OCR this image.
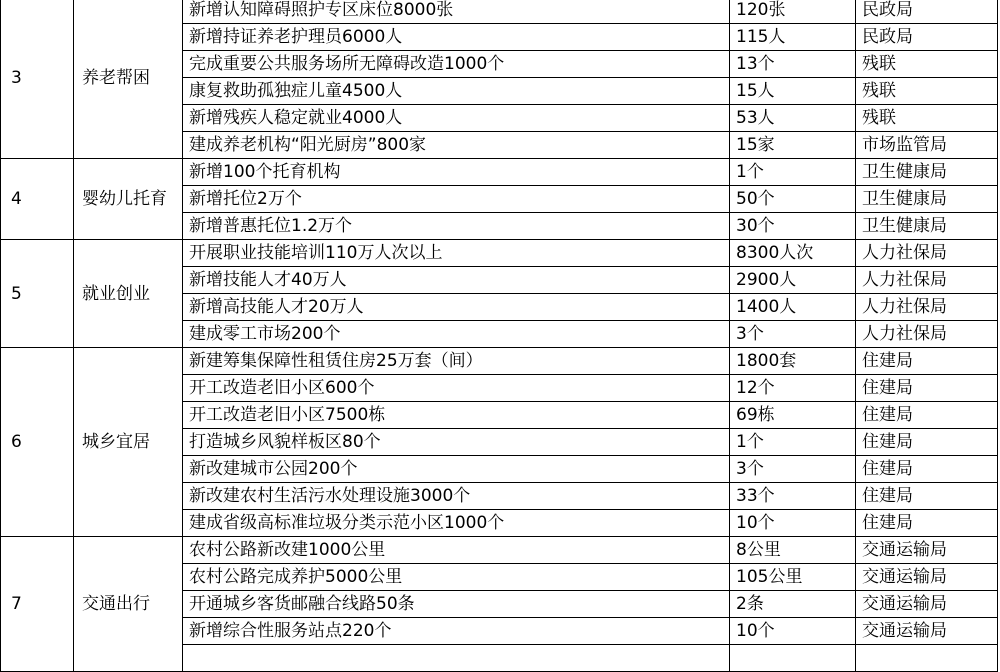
3	养老帮困	新增认知障碍照护专区床位8000张	120张	民政局
		新增持证养老护理员6000人	115人	民政局
		完成重要公共服务场所无障碍改造1000个	13个	残联
		康复救助孤独症儿童4500人	15人	残联
		新增残疾人稳定就业4000人	53人	残联
		建成养老机构“阳光厨房”800家	15家	市场监管局
4	婴幼儿托育	新增100个托育机构	1个	卫生健康局
		新增托位2万个	50个	卫生健康局
		新增普惠托位1.2万个	30个	卫生健康局
5	就业创业	开展职业技能培训110万人次以上	8300人次	人力社保局
		新增技能人才40万人	2900人	人力社保局
		新增高技能人才20万人	1400人	人力社保局
		建成零工市场200个	3个	人力社保局
6	城乡宜居	新建筹集保障性租赁住房25万套（间）	1800套	住建局
		开工改造老旧小区600个	12个	住建局
		开工改造老旧小区7500栋	69栋	住建局
		打造城乡风貌样板区80个	1个	住建局
		新改建城市公园200个	3个	住建局
		新改建农村生活污水处理设施3000个	33个	住建局
		建成省级高标准垃圾分类示范小区1000个	10个	住建局
7	交通出行	农村公路新改建1000公里	8公里	交通运输局
		农村公路完成养护5000公里	105公里	交通运输局
		开通城乡客货邮融合线路50条	2条	交通运输局
		新增综合性服务站点220个	10个	交通运输局
